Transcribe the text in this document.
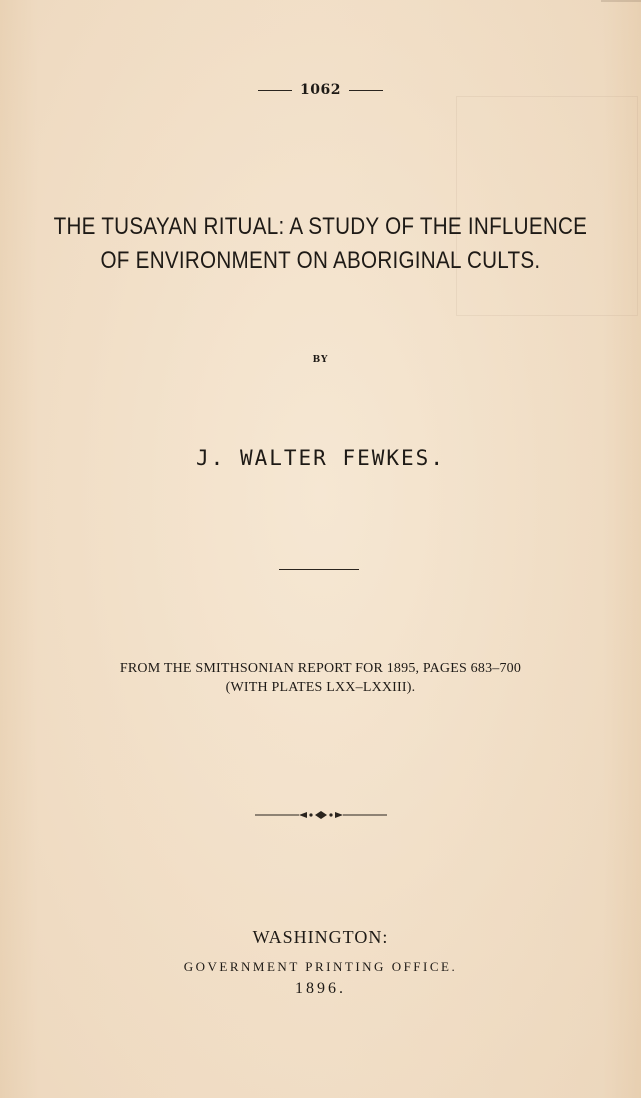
1062
THE TUSAYAN RITUAL: A STUDY OF THE INFLUENCE
OF ENVIRONMENT ON ABORIGINAL CULTS.
BY
J. WALTER FEWKES.
FROM THE SMITHSONIAN REPORT FOR 1895, PAGES 683–700
(WITH PLATES LXX–LXXIII).
WASHINGTON:
GOVERNMENT PRINTING OFFICE.
1896.
